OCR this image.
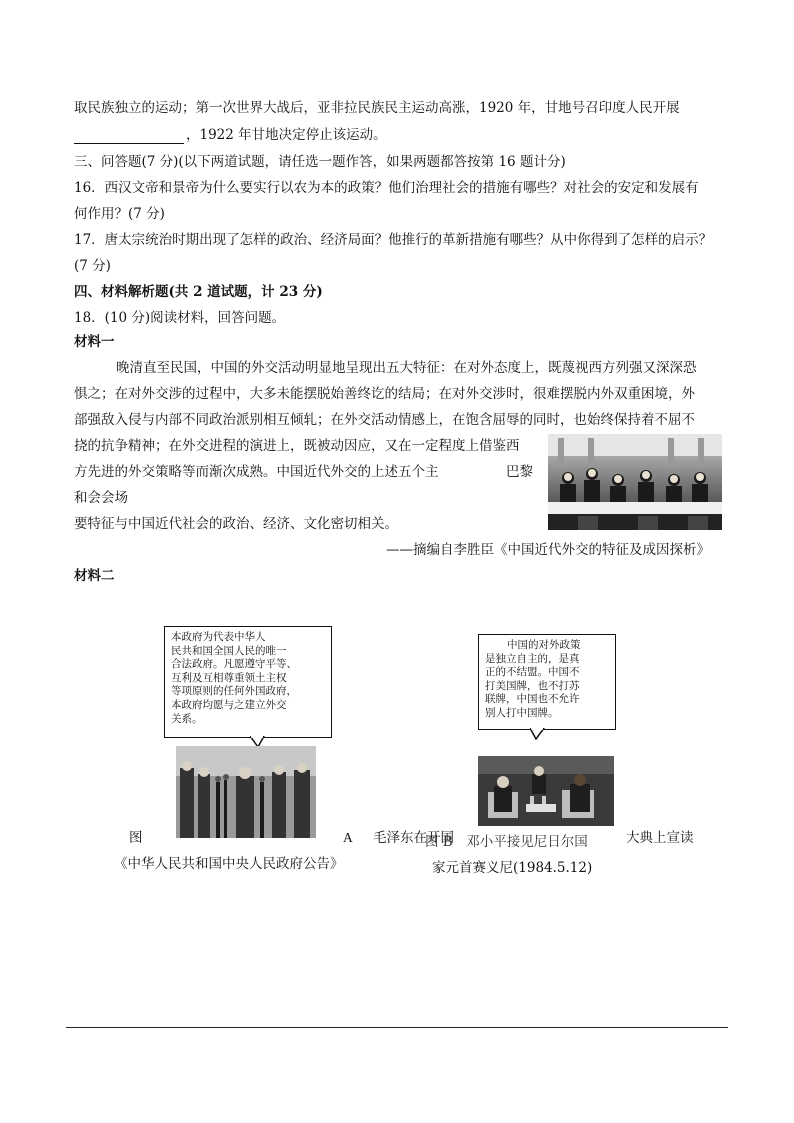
取民族独立的运动；第一次世界大战后，亚非拉民族民主运动高涨，1920 年，甘地号召印度人民开展
，1922 年甘地决定停止该运动。
三、问答题(7 分)(以下两道试题，请任选一题作答，如果两题都答按第 16 题计分)
16．西汉文帝和景帝为什么要实行以农为本的政策？他们治理社会的措施有哪些？对社会的安定和发展有
何作用？(7 分)
17．唐太宗统治时期出现了怎样的政治、经济局面？他推行的革新措施有哪些？从中你得到了怎样的启示？
(7 分)
四、材料解析题(共 2 道试题，计 23 分)
18．(10 分)阅读材料，回答问题。
材料一
晚清直至民国，中国的外交活动明显地呈现出五大特征：在对外态度上，既蔑视西方列强又深深恐
惧之；在对外交涉的过程中，大多未能摆脱始善终讫的结局；在对外交涉时，很难摆脱内外双重困境，外
部强敌入侵与内部不同政治派别相互倾轧；在外交活动情感上，在饱含屈辱的同时，也始终保持着不屈不
挠的抗争精神；在外交进程的演进上，既被动因应，又在一定程度上借鉴西
方先进的外交策略等而渐次成熟。中国近代外交的上述五个主	巴黎
和会会场
要特征与中国近代社会的政治、经济、文化密切相关。
——摘编自李胜臣《中国近代外交的特征及成因探析》
材料二
本政府为代表中华人
民共和国全国人民的唯一
合法政府。凡愿遵守平等、
互利及互相尊重领土主权
等项原则的任何外国政府，
本政府均愿与之建立外交
关系。
中国的对外政策
是独立自主的，是真
正的不结盟。中国不
打美国牌，也不打苏
联牌，中国也不允许
别人打中国牌。
图	A 毛泽东在开国
图 B　邓小平接见尼日尔国	大典上宣读
《中华人民共和国中央人民政府公告》	家元首赛义尼(1984.5.12)
